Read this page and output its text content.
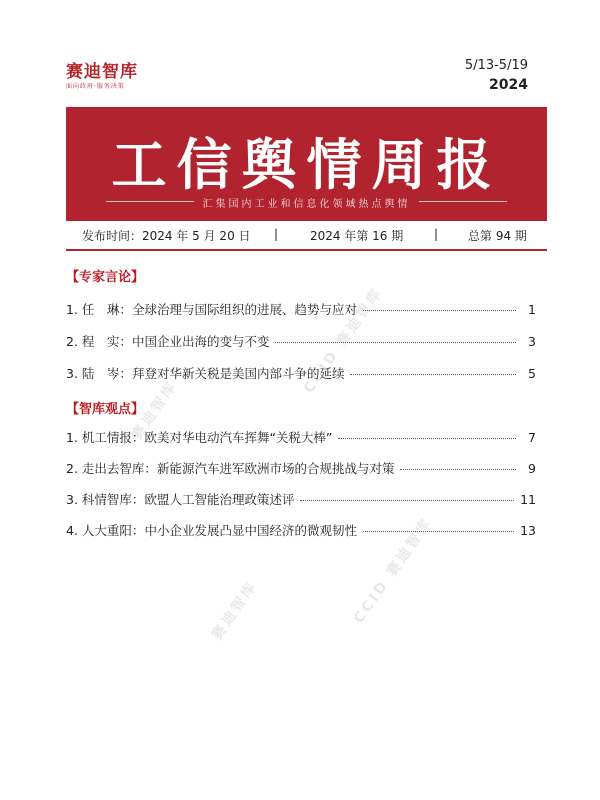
赛迪智库
面向政府·服务决策
5/13-5/19
2024
工信舆情周报
汇集国内工业和信息化领域热点舆情
发布时间：2024 年 5 月 20 日 |	2024 年第 16 期	| 总第 94 期
【专家言论】
1.
任　琳： 全球治理与国际组织的进展、趋势与应对	1
2.
程　实： 中国企业出海的变与不变	3
3.
陆　岑： 拜登对华新关税是美国内部斗争的延续	5
【智库观点】
1.
机工情报： 欧美对华电动汽车挥舞“关税大棒”	7
2.
走出去智库： 新能源汽车进军欧洲市场的合规挑战与对策	9
3.
科情智库： 欧盟人工智能治理政策述评	11
4.
人大重阳： 中小企业发展凸显中国经济的微观韧性	13
赛迪智库
CCID 赛迪智库
赛迪智库	CCID 赛迪智库
